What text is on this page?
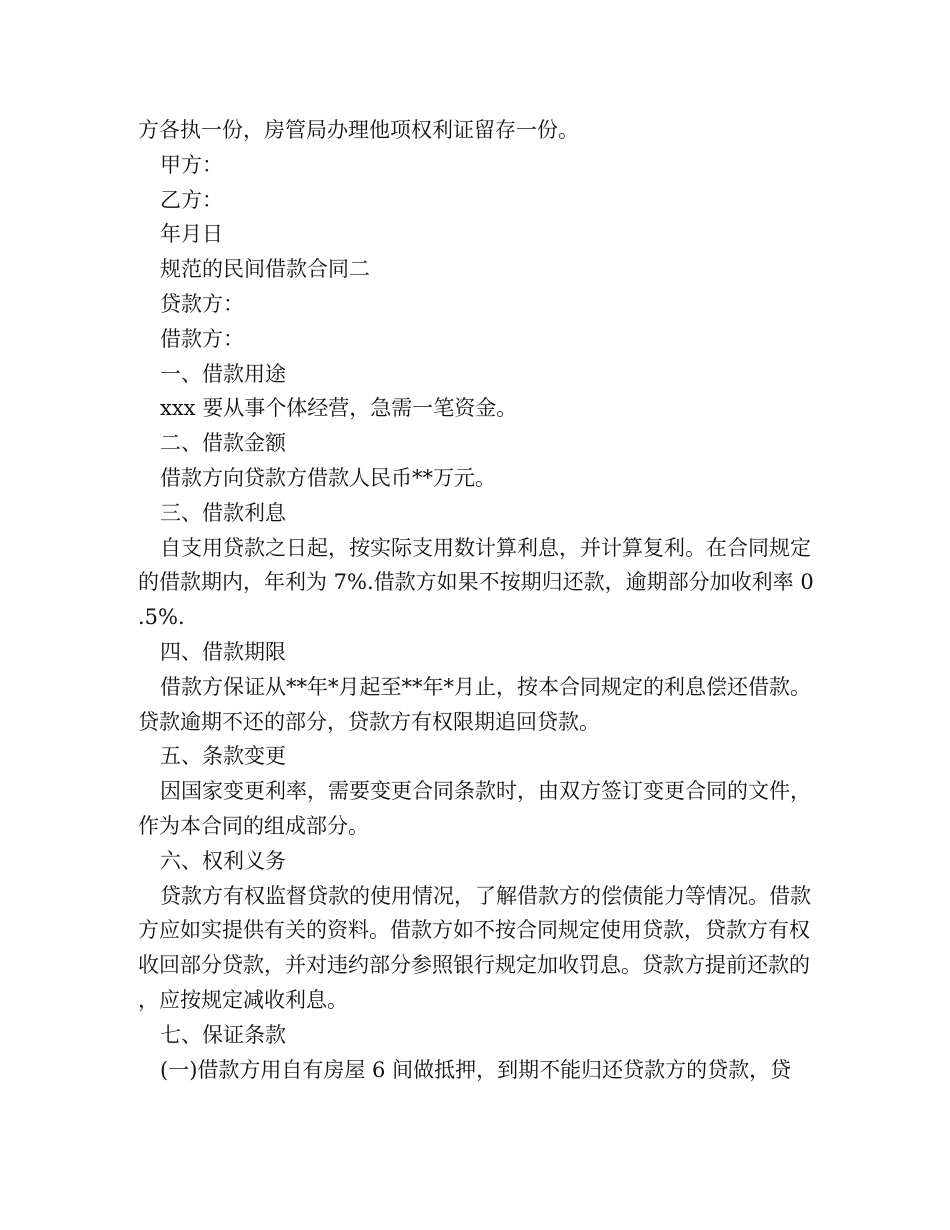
方各执一份，房管局办理他项权利证留存一份。

甲方：

乙方：

年月日

规范的民间借款合同二

贷款方：

借款方：

一、借款用途

xxx 要从事个体经营，急需一笔资金。

二、借款金额

借款方向贷款方借款人民币**万元。

三、借款利息

自支用贷款之日起，按实际支用数计算利息，并计算复利。在合同规定的借款期内，年利为 7%.借款方如果不按期归还款，逾期部分加收利率 0.5%.

四、借款期限

借款方保证从**年*月起至**年*月止，按本合同规定的利息偿还借款。贷款逾期不还的部分，贷款方有权限期追回贷款。

五、条款变更

因国家变更利率，需要变更合同条款时，由双方签订变更合同的文件，作为本合同的组成部分。

六、权利义务

贷款方有权监督贷款的使用情况，了解借款方的偿债能力等情况。借款方应如实提供有关的资料。借款方如不按合同规定使用贷款，贷款方有权收回部分贷款，并对违约部分参照银行规定加收罚息。贷款方提前还款的，应按规定减收利息。

七、保证条款

(一)借款方用自有房屋 6 间做抵押，到期不能归还贷款方的贷款，贷
